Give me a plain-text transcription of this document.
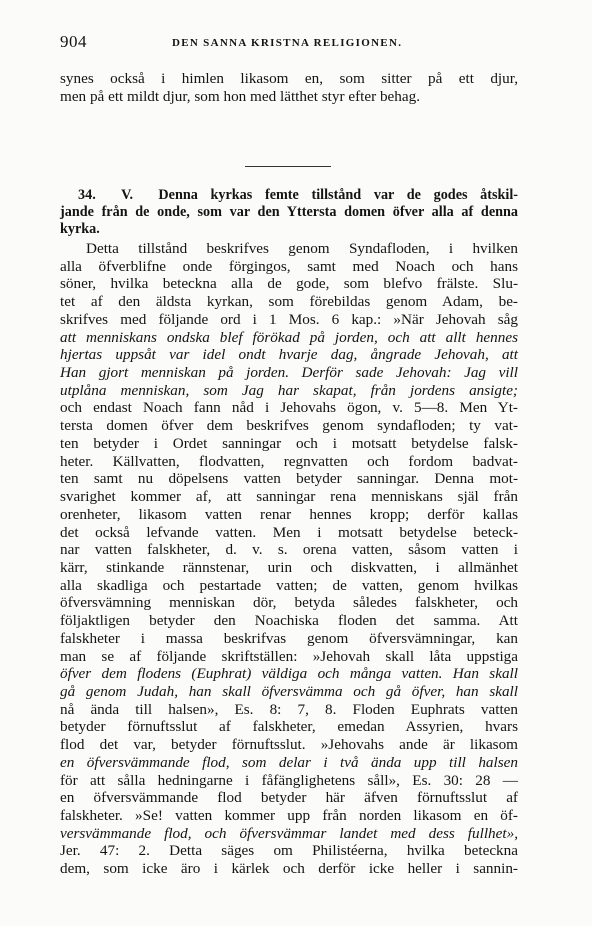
904	DEN SANNA KRISTNA RELIGIONEN.
synes också i himlen likasom en, som sitter på ett djur,
men på ett mildt djur, som hon med lätthet styr efter behag.
34. V. Denna kyrkas femte tillstånd var de godes åtskil-
jande från de onde, som var den Yttersta domen öfver alla af denna
kyrka.
Detta tillstånd beskrifves genom Syndafloden, i hvilken
alla öfverblifne onde förgingos, samt med Noach och hans
söner, hvilka beteckna alla de gode, som blefvo frälste. Slu-
tet af den äldsta kyrkan, som förebildas genom Adam, be-
skrifves med följande ord i 1 Mos. 6 kap.: »När Jehovah såg
att menniskans ondska blef förökad på jorden, och att allt hennes
hjertas uppsåt var idel ondt hvarje dag, ångrade Jehovah, att
Han gjort menniskan på jorden. Derför sade Jehovah: Jag vill
utplåna menniskan, som Jag har skapat, från jordens ansigte;
och endast Noach fann nåd i Jehovahs ögon, v. 5—8. Men Yt-
tersta domen öfver dem beskrifves genom syndafloden; ty vat-
ten betyder i Ordet sanningar och i motsatt betydelse falsk-
heter. Källvatten, flodvatten, regnvatten och fordom badvat-
ten samt nu döpelsens vatten betyder sanningar. Denna mot-
svarighet kommer af, att sanningar rena menniskans själ från
orenheter, likasom vatten renar hennes kropp; derför kallas
det också lefvande vatten. Men i motsatt betydelse beteck-
nar vatten falskheter, d. v. s. orena vatten, såsom vatten i
kärr, stinkande rännstenar, urin och diskvatten, i allmänhet
alla skadliga och pestartade vatten; de vatten, genom hvilkas
öfversvämning menniskan dör, betyda således falskheter, och
följaktligen betyder den Noachiska floden det samma. Att
falskheter i massa beskrifvas genom öfversvämningar, kan
man se af följande skriftställen: »Jehovah skall låta uppstiga
öfver dem flodens (Euphrat) väldiga och många vatten. Han skall
gå genom Judah, han skall öfversvämma och gå öfver, han skall
nå ända till halsen», Es. 8: 7, 8. Floden Euphrats vatten
betyder förnuftsslut af falskheter, emedan Assyrien, hvars
flod det var, betyder förnuftsslut. »Jehovahs ande är likasom
en öfversvämmande flod, som delar i två ända upp till halsen
för att sålla hedningarne i fåfänglighetens såll», Es. 30: 28 —
en öfversvämmande flod betyder här äfven förnuftsslut af
falskheter. »Se! vatten kommer upp från norden likasom en öf-
versvämmande flod, och öfversvämmar landet med dess fullhet»,
Jer. 47: 2. Detta säges om Philistéerna, hvilka beteckna
dem, som icke äro i kärlek och derför icke heller i sannin-
